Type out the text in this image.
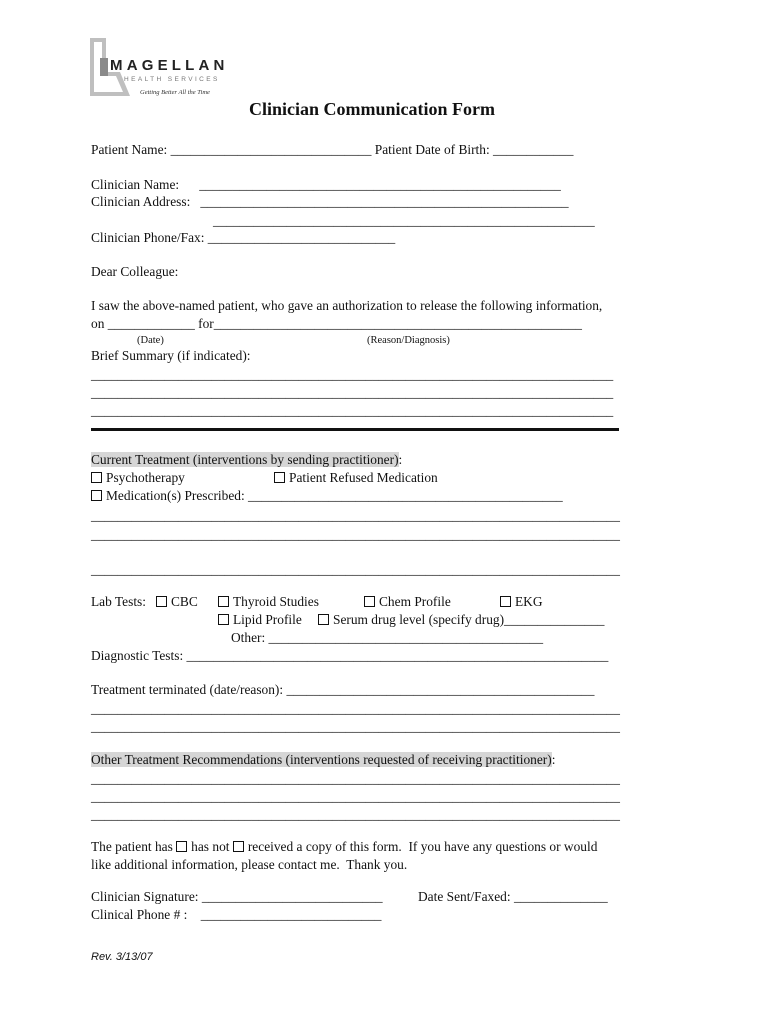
MAGELLAN
HEALTH SERVICES
Getting Better All the Time
Clinician Communication Form
Patient Name: ______________________________ Patient Date of Birth: ____________
Clinician Name:      ______________________________________________________
Clinician Address:   _______________________________________________________
_________________________________________________________
Clinician Phone/Fax: ____________________________
Dear Colleague:
I saw the above-named patient, who gave an authorization to release the following information,
on _____________ for_______________________________________________________
(Date)	(Reason/Diagnosis)
Brief Summary (if indicated):
______________________________________________________________________________
______________________________________________________________________________
______________________________________________________________________________
Current Treatment (interventions by sending practitioner):
Psychotherapy	Patient Refused Medication
Medication(s) Prescribed: _______________________________________________
_______________________________________________________________________________
_______________________________________________________________________________
_______________________________________________________________________________
Lab Tests:	CBC	Thyroid Studies	Chem Profile	EKG
Lipid Profile	Serum drug level (specify drug)_______________
Other: _________________________________________
Diagnostic Tests: _______________________________________________________________
Treatment terminated (date/reason): ______________________________________________
_______________________________________________________________________________
_______________________________________________________________________________
Other Treatment Recommendations (interventions requested of receiving practitioner):
_______________________________________________________________________________
_______________________________________________________________________________
_______________________________________________________________________________
The patient has has not received a copy of this form.  If you have any questions or would
like additional information, please contact me.  Thank you.
Clinician Signature: ___________________________	Date Sent/Faxed: ______________
Clinical Phone # :    ___________________________
Rev. 3/13/07
